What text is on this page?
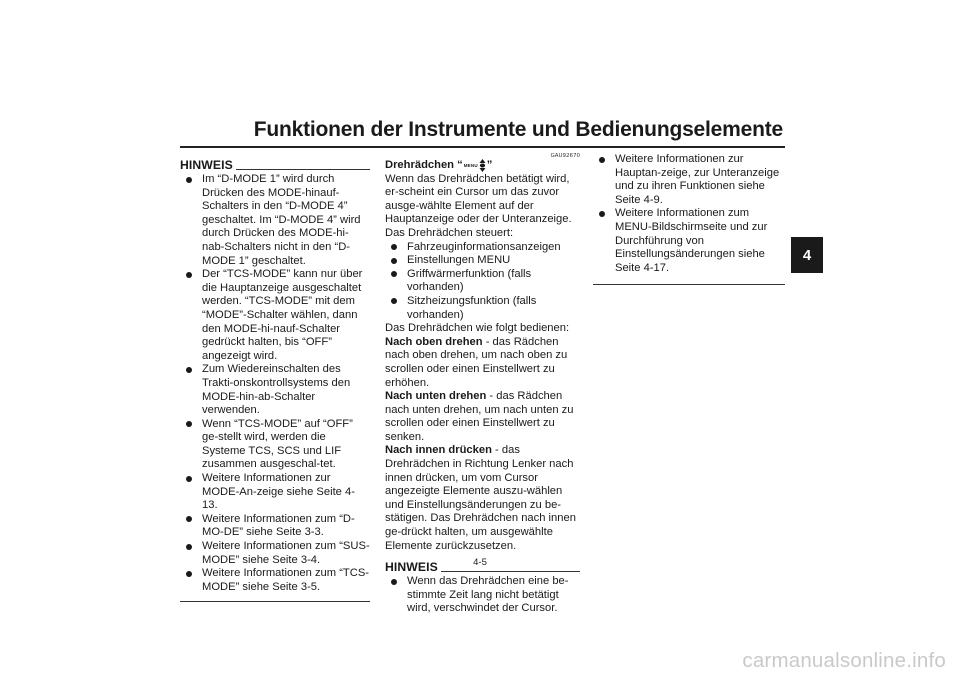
Funktionen der Instrumente und Bedienungselemente
4
HINWEIS
Im “D-MODE 1” wird durch Drücken des MODE-hinauf-Schalters in den “D-MODE 4” geschaltet. Im “D-MODE 4” wird durch Drücken des MODE-hi-nab-Schalters nicht in den “D-MODE 1” geschaltet.
Der “TCS-MODE” kann nur über die Hauptanzeige ausgeschaltet werden. “TCS-MODE” mit dem “MODE”-Schalter wählen, dann den MODE-hi-nauf-Schalter gedrückt halten, bis “OFF” angezeigt wird.
Zum Wiedereinschalten des Trakti-onskontrollsystems den MODE-hin-ab-Schalter verwenden.
Wenn “TCS-MODE” auf “OFF” ge-stellt wird, werden die Systeme TCS, SCS und LIF zusammen ausgeschal-tet.
Weitere Informationen zur MODE-An-zeige siehe Seite 4-13.
Weitere Informationen zum “D-MO-DE” siehe Seite 3-3.
Weitere Informationen zum “SUS-MODE” siehe Seite 3-4.
Weitere Informationen zum “TCS-MODE” siehe Seite 3-5.
GAU92670
Drehrädchen “ MENU ”
Wenn das Drehrädchen betätigt wird, er-scheint ein Cursor um das zuvor ausge-wählte Element auf der Hauptanzeige oder der Unteranzeige.
Das Drehrädchen steuert:
Fahrzeuginformationsanzeigen
Einstellungen MENU
Griffwärmerfunktion (falls vorhanden)
Sitzheizungsfunktion (falls vorhanden)
Das Drehrädchen wie folgt bedienen:
Nach oben drehen - das Rädchen nach oben drehen, um nach oben zu scrollen oder einen Einstellwert zu erhöhen.
Nach unten drehen - das Rädchen nach unten drehen, um nach unten zu scrollen oder einen Einstellwert zu senken.
Nach innen drücken - das Drehrädchen in Richtung Lenker nach innen drücken, um vom Cursor angezeigte Elemente auszu-wählen und Einstellungsänderungen zu be-stätigen. Das Drehrädchen nach innen ge-drückt halten, um ausgewählte Elemente zurückzusetzen.
HINWEIS
Wenn das Drehrädchen eine be-stimmte Zeit lang nicht betätigt wird, verschwindet der Cursor.
Weitere Informationen zur Hauptan-zeige, zur Unteranzeige und zu ihren Funktionen siehe Seite 4-9.
Weitere Informationen zum MENU-Bildschirmseite und zur Durchführung von Einstellungsänderungen siehe Seite 4-17.
4-5
carmanualsonline.info
